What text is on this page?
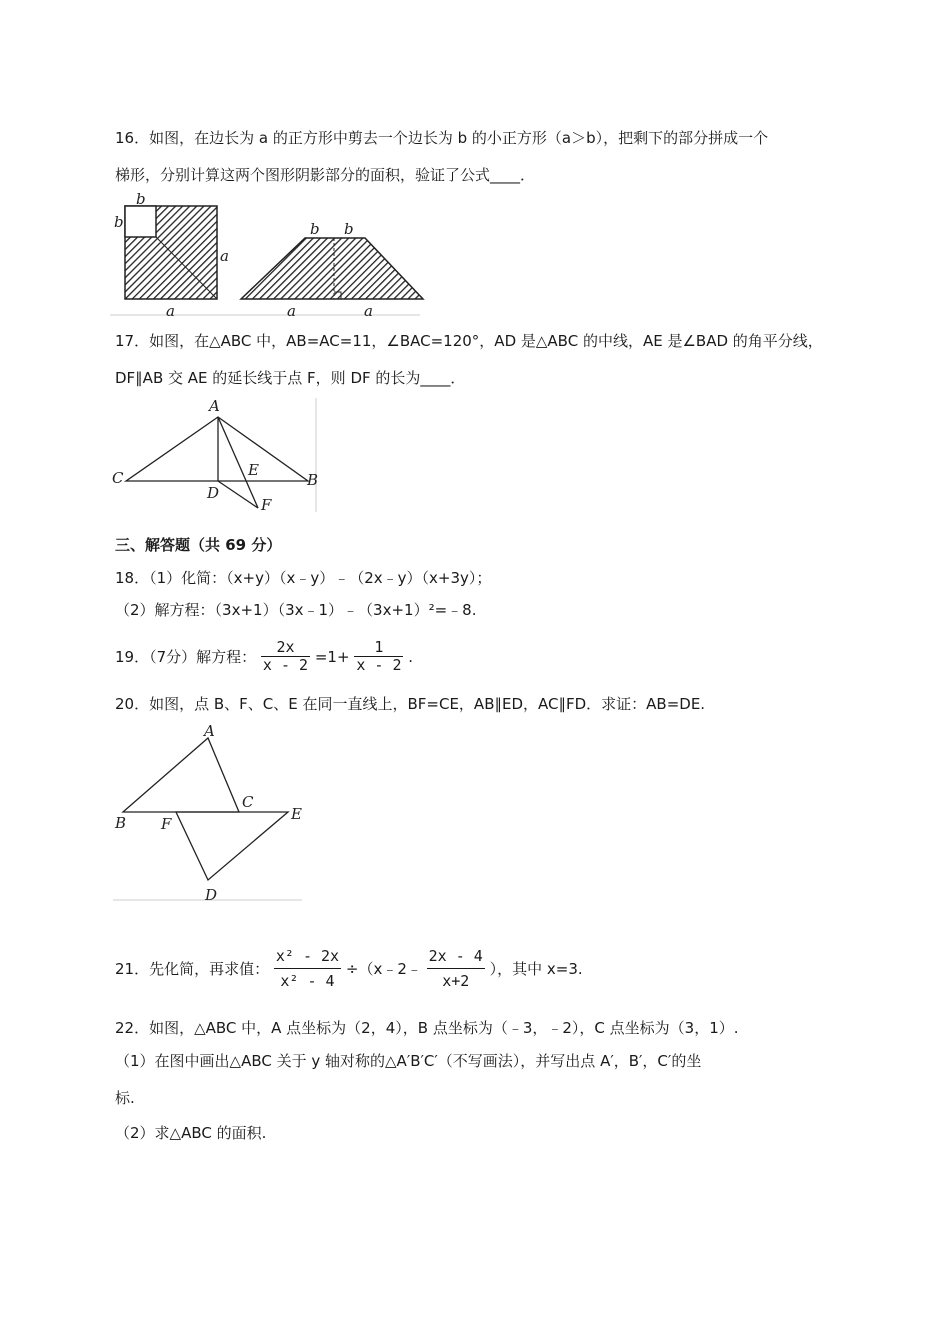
16．如图，在边长为 a 的正方形中剪去一个边长为 b 的小正方形（a＞b），把剩下的部分拼成一个
梯形，分别计算这两个图形阴影部分的面积，验证了公式____．
b
b
a
a
b b
a	a
17．如图，在△ABC 中，AB=AC=11，∠BAC=120°，AD 是△ABC 的中线，AE 是∠BAD 的角平分线，
DF∥AB 交 AE 的延长线于点 F，则 DF 的长为____．
A
C	B
D
E
F
三、解答题（共 69 分）
18．（1）化简：（x+y）（x﹣y）﹣（2x﹣y）（x+3y）；
（2）解方程：（3x+1）（3x﹣1）﹣（3x+1）²=﹣8.
19．（7分）解方程： $\frac{2x}{x - 2} =1+ \frac{1}{x - 2}$ .
20．如图，点 B、F、C、E 在同一直线上，BF=CE，AB∥ED，AC∥FD．求证：AB=DE.
A
B F
C
E
D
21．先化简，再求值： $\frac{\text{x² - 2x}}{\text{x² - 4}}$ ÷（x﹣2﹣ $\frac{2x - 4}{x+2}$ ），其中 x=3.
22．如图，△ABC 中，A 点坐标为（2，4），B 点坐标为（﹣3，﹣2），C 点坐标为（3，1）.
（1）在图中画出△ABC 关于 y 轴对称的△A′B′C′（不写画法），并写出点 A′，B′，C′的坐
标.
（2）求△ABC 的面积.
